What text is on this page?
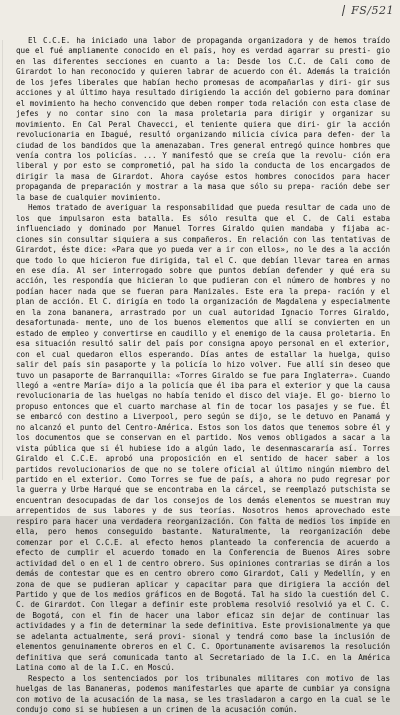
FS/521

El C.C.E. ha iniciado una labor de propaganda organizadora y de hemos traído que el fué ampliamente conocido en el país, hoy es verdad agarrar su presti- gio en las diferentes secciones en cuanto a la: Desde los C.C. de Cali como de Girardot lo han reconocido y quieren labrar de acuerdo con él. Además la traición de los jefes liberales que habían hecho promesas de acompañarlas y diri- gir sus acciones y al último haya resultado dirigiendo la acción del gobierno para dominar el movimiento ha hecho convencido que deben romper toda relación con esta clase de jefes y no contar sino con la masa proletaria para dirigir y organizar su movimiento. En Cal Peral Chavecci, el teniente quiera que diri- gir la acción revolucionaria en Ibagué, resultó organizando milicia cívica para defen- der la ciudad de los bandidos que la amenazaban. Tres general entregó quince hombres que venía contra los policías. ... Y manifestó que se creía que la revolu- ción era liberal y por esto se comprometió, pal ha sido la conducta de los encargados de dirigir la masa de Girardot. Ahora cayóse estos hombres conocidos para hacer propaganda de preparación y mostrar a la masa que sólo su prepa- ración debe ser la base de cualquier movimiento.

Hemos tratado de averiguar la responsabilidad que pueda resultar de cada uno de los que impulsaron esta batalla. Es sólo resulta que el C. de Cali estaba influenciado y dominado por Manuel Torres Giraldo quien mandaba y fijaba ac- ciones sin consultar siquiera a sus compañeros. En relación con las tentativas de Girardot, éste dice: «Para que yo pueda ver a ir con ellos», no le des a la acción que todo lo que hicieron fue dirigida, tal el C. que debían llevar tarea en armas en ese día. Al ser interrogado sobre que puntos debían defender y qué era su acción, les respondía que hicieran lo que pudieran con el número de hombres y no podían hacer nada que se fueran para Manizales. Este era la prepa- ración y el plan de acción. El C. dirigía en todo la organización de Magdalena y especialmente en la zona bananera, arrastrado por un cual autoridad Ignacio Torres Giraldo, desafortunada- mente, uno de los buenos elementos que allí se convierten en un estado de empleo y convertirse en caudillo y el enemigo de la causa proletaria. En esa situación resultó salir del país por consigna apoyo personal en el exterior, con el cual quedaron ellos esperando. Días antes de estallar la huelga, quiso salir del país sin pasaporte y la policía lo hizo volver. Fue allí sin deseo que tuvo un pasaporte de Barranquilla: «Torres Giraldo se fue para Inglaterra». Cuando llegó a «entre María» dijo a la policía que él iba para el exterior y que la causa revolucionaria de las huelgas no había tenido el disco del viaje. El go- bierno lo propuso entonces que el cuarto marchase al fin de tocar los pasajes y se fue. Él se embarcó con destino a Liverpool, pero según se dijo, se le detuvo en Panamá y no alcanzó el punto del Centro-América. Estos son los datos que tenemos sobre él y los documentos que se conservan en el partido. Nos vemos obligados a sacar a la vista pública que si él hubiese ido a algún lado, le desenmascararía así. Torres Giraldo el C.C.E. aprobó una proposición en el sentido de hacer saber a los partidos revolucionarios de que no se tolere oficial al último ningún miembro del partido en el exterior. Como Torres se fue de país, a ahora no pudo regresar por la guerra y Urbe Harqué que se encontraba en la cárcel, se reemplazó putschista se encuentran desocupadas de dar los consejos de los demás elementos se muestran muy arrepentidos de sus labores y de sus teorías. Nosotros hemos aprovechado este respiro para hacer una verdadera reorganización. Con falta de medios los impide en ella, pero hemos conseguido bastante. Naturalmente, la reorganización debe comenzar por el C.C.E. al efecto hemos planteado la conferencia de acuerdo a efecto de cumplir el acuerdo tomado en la Conferencia de Buenos Aires sobre actividad del o en el 1 de centro obrero. Sus opiniones contrarias se dirán a los demás de contestar que es en centro obrero como Girardot, Cali y Medellín, y en zona de que se pudieran aplicar y capacitar para que dirigiera la acción del Partido y que de los medios gráficos en de Bogotá. Tal ha sido la cuestión del C. C. de Girardot. Con llegar a definir este problema resolvió resolvió ya el C. C. de Bogotá, con el fin de hacer una labor eficaz sin dejar de continuar las actividades y a fin de determinar la sede definitiva. Este provisionalmente ya que se adelanta actualmente, será provi- sional y tendrá como base la inclusión de elementos genuinamente obreros en el C. C. Oportunamente avisaremos la resolución definitiva que será comunicada tanto al Secretariado de la I.C. en la América Latina como al de la I.C. en Moscú.

Respecto a los sentenciados por los tribunales militares con motivo de las huelgas de las Bananeras, podemos manifestarles que aparte de cumbiar ya consigna con motivo de la acusación de la masa, se les trasladaron a cargo en la cual se le condujo como si se hubiesen a un crimen de la acusación común.
